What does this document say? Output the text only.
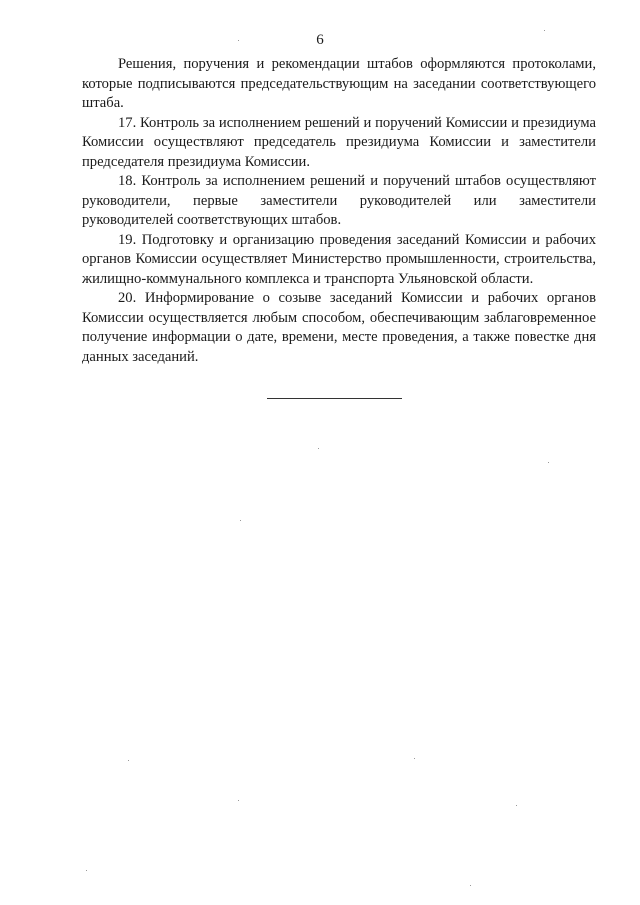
6

Решения, поручения и рекомендации штабов оформляются протоколами, которые подписываются председательствующим на заседании соответствующего штаба.

17. Контроль за исполнением решений и поручений Комиссии и президиума Комиссии осуществляют председатель президиума Комиссии и заместители председателя президиума Комиссии.

18. Контроль за исполнением решений и поручений штабов осуществляют руководители, первые заместители руководителей или заместители руководителей соответствующих штабов.

19. Подготовку и организацию проведения заседаний Комиссии и рабочих органов Комиссии осуществляет Министерство промышленности, строительства, жилищно-коммунального комплекса и транспорта Ульяновской области.

20. Информирование о созыве заседаний Комиссии и рабочих органов Комиссии осуществляется любым способом, обеспечивающим заблаговременное получение информации о дате, времени, месте проведения, а также повестке дня данных заседаний.
